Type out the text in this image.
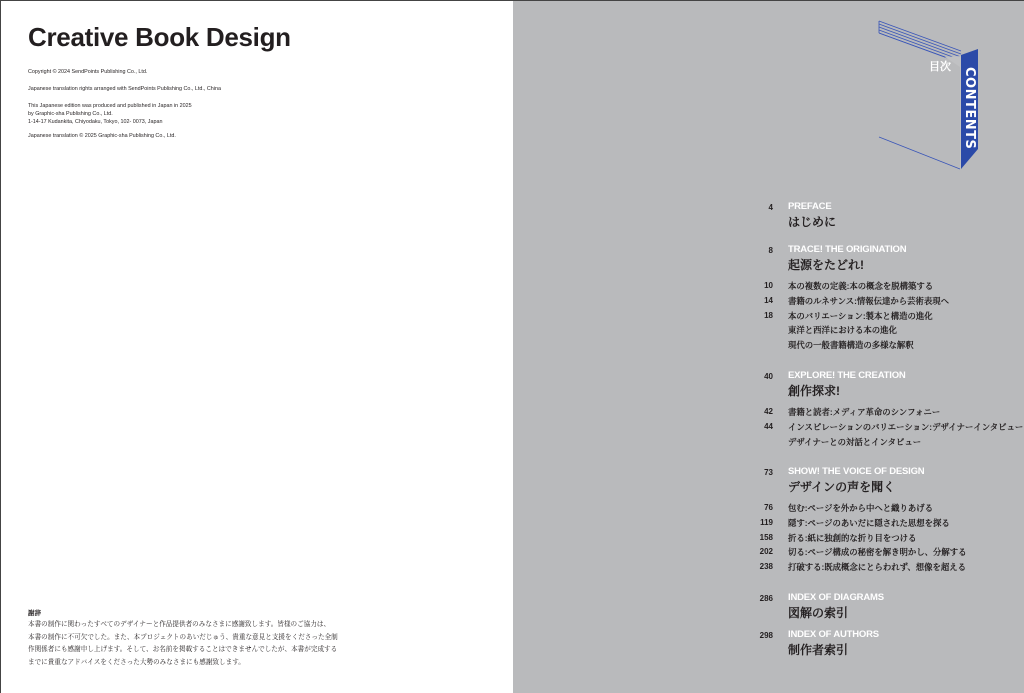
Creative Book Design

Copyright © 2024 SendPoints Publishing Co., Ltd.

Japanese translation rights arranged with SendPoints Publishing Co., Ltd., China

This Japanese edition was produced and published in Japan in 2025

by Graphic-sha Publishing Co., Ltd.

1-14-17 Kudankita, Chiyodaku, Tokyo, 102- 0073, Japan

Japanese translation © 2025 Graphic-sha Publishing Co., Ltd.

謝辞

本書の制作に関わったすべてのデザイナーと作品提供者のみなさまに感謝致します。皆様のご協力は、

本書の制作に不可欠でした。また、本プロジェクトのあいだじゅう、貴重な意見と支援をくださった全制

作関係者にも感謝申し上げます。そして、お名前を掲載することはできませんでしたが、本書が完成する

までに貴重なアドバイスをくださった大勢のみなさまにも感謝致します。

目次
CONTENTS
4 PREFACE
はじめに
8 TRACE! THE ORIGINATION
起源をたどれ!
10 本の複数の定義:本の概念を脱構築する
14 書籍のルネサンス:情報伝達から芸術表現へ
18 本のバリエーション:製本と構造の進化
東洋と西洋における本の進化
現代の一般書籍構造の多様な解釈
40 EXPLORE! THE CREATION
創作探求!
42 書籍と読者:メディア革命のシンフォニー
44 インスピレーションのバリエーション:デザイナーインタビュー
デザイナーとの対話とインタビュー
73 SHOW! THE VOICE OF DESIGN
デザインの声を聞く
76 包む:ページを外から中へと織りあげる
119 隠す:ページのあいだに隠された思想を探る
158 折る:紙に独創的な折り目をつける
202 切る:ページ構成の秘密を解き明かし、分解する
238 打破する:既成概念にとらわれず、想像を超える
286 INDEX OF DIAGRAMS
図解の索引
298 INDEX OF AUTHORS
制作者索引
